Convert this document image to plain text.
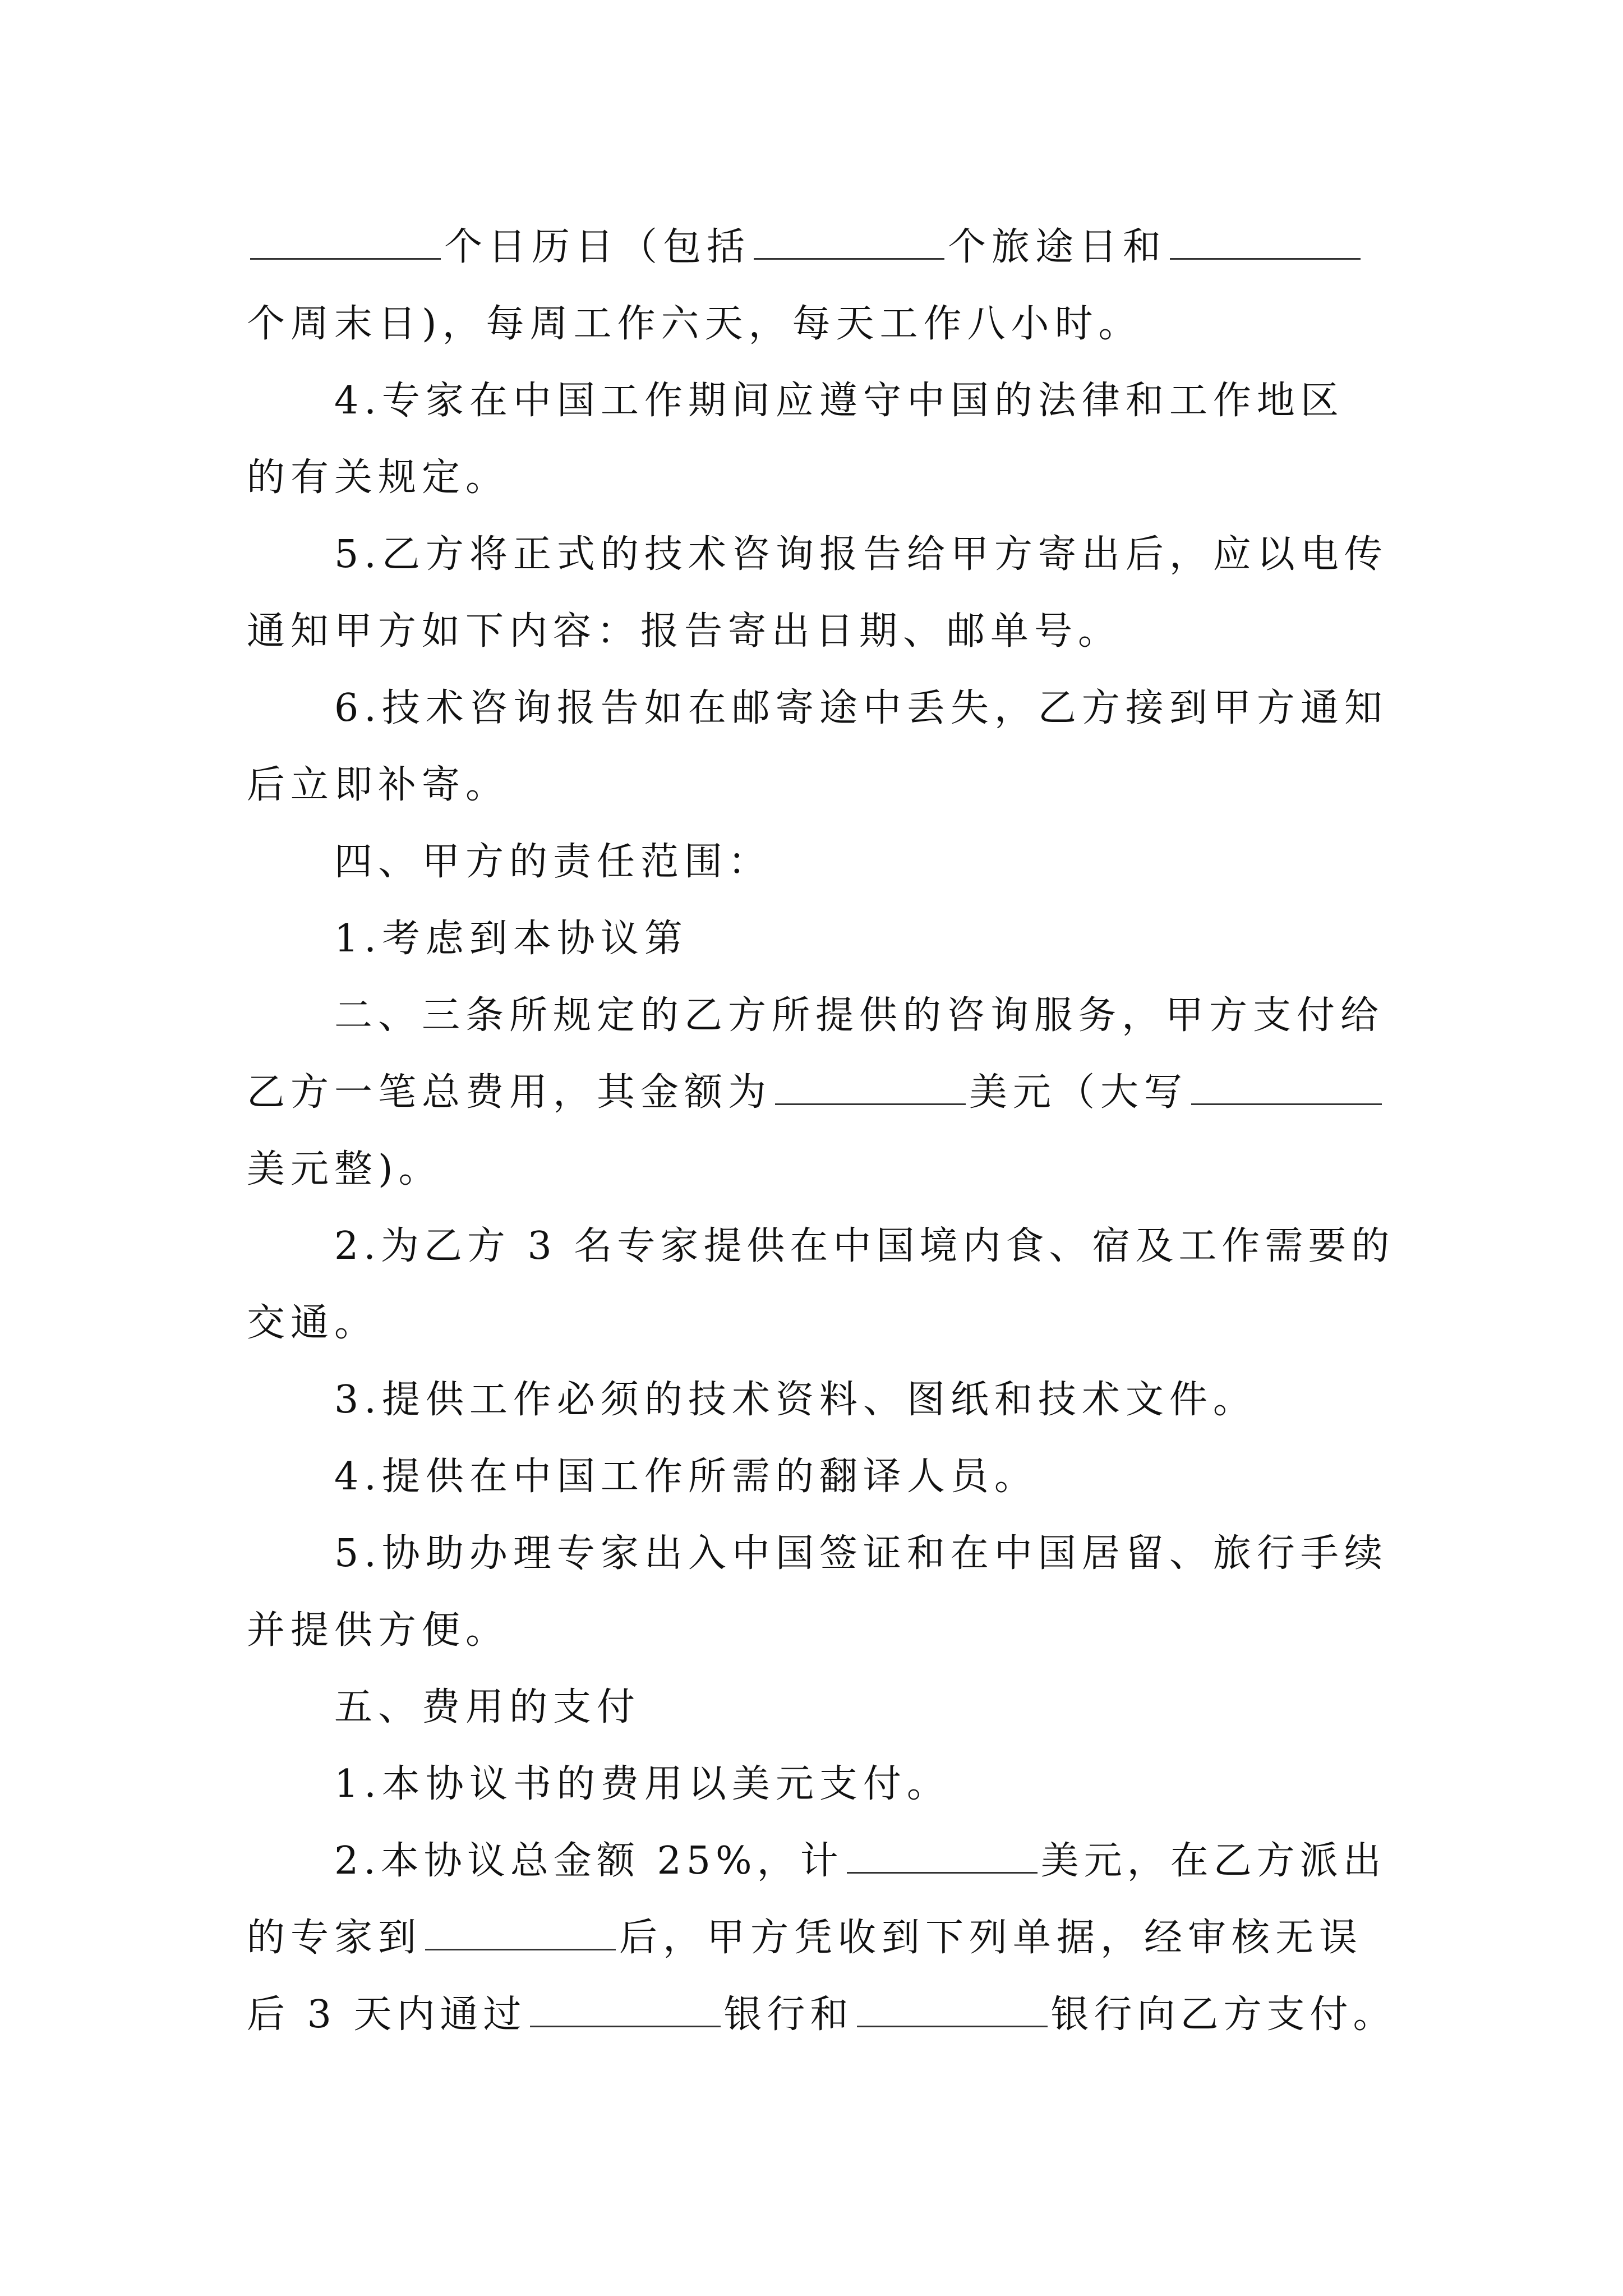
个日历日（包括	个旅途日和
个周末日)，每周工作六天，每天工作八小时。
4.专家在中国工作期间应遵守中国的法律和工作地区
的有关规定。
5.乙方将正式的技术咨询报告给甲方寄出后，应以电传
通知甲方如下内容：报告寄出日期、邮单号。
6.技术咨询报告如在邮寄途中丢失，乙方接到甲方通知
后立即补寄。
四、甲方的责任范围：
1.考虑到本协议第
二、三条所规定的乙方所提供的咨询服务，甲方支付给
乙方一笔总费用，其金额为	美元（大写
美元整)。
2.为乙方 3 名专家提供在中国境内食、宿及工作需要的
交通。
3.提供工作必须的技术资料、图纸和技术文件。
4.提供在中国工作所需的翻译人员。
5.协助办理专家出入中国签证和在中国居留、旅行手续
并提供方便。
五、费用的支付
1.本协议书的费用以美元支付。
2.本协议总金额 25%，计	美元，在乙方派出
的专家到	后，甲方凭收到下列单据，经审核无误
后 3 天内通过	银行和	银行向乙方支付。
